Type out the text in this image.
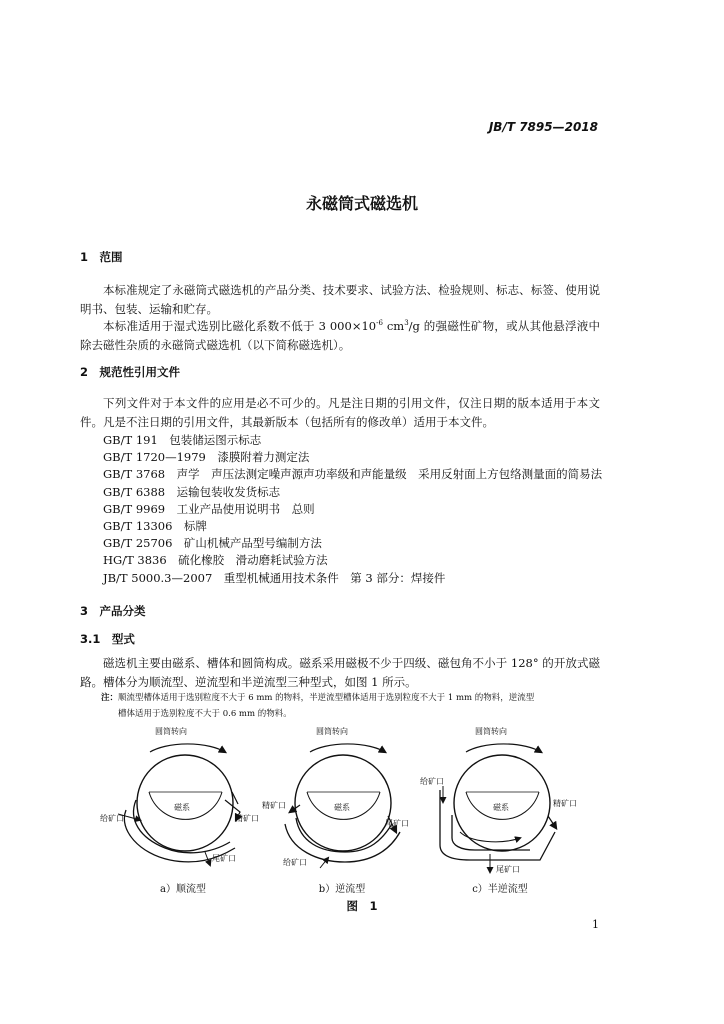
JB/T 7895—2018
永磁筒式磁选机
1　范围
本标准规定了永磁筒式磁选机的产品分类、技术要求、试验方法、检验规则、标志、标签、使用说明书、包装、运输和贮存。
本标准适用于湿式选别比磁化系数不低于 3 $000\times 10^{-6}$ $cm^3/g$ 的强磁性矿物，或从其他悬浮液中除去磁性杂质的永磁筒式磁选机（以下简称磁选机）。
2　规范性引用文件
下列文件对于本文件的应用是必不可少的。凡是注日期的引用文件，仅注日期的版本适用于本文件。凡是不注日期的引用文件，其最新版本（包括所有的修改单）适用于本文件。
GB/T 191　包装储运图示标志
GB/T 1720—1979　漆膜附着力测定法
GB/T 3768　声学　声压法测定噪声源声功率级和声能量级　采用反射面上方包络测量面的简易法
GB/T 6388　运输包装收发货标志
GB/T 9969　工业产品使用说明书　总则
GB/T 13306　标牌
GB/T 25706　矿山机械产品型号编制方法
HG/T 3836　硫化橡胶　滑动磨耗试验方法
JB/T 5000.3—2007　重型机械通用技术条件　第 3 部分：焊接件
3　产品分类
3.1　型式
磁选机主要由磁系、槽体和圆筒构成。磁系采用磁极不少于四级、磁包角不小于 128° 的开放式磁路。槽体分为顺流型、逆流型和半逆流型三种型式，如图 1 所示。
注：顺流型槽体适用于选别粒度不大于 6 mm 的物料，半逆流型槽体适用于选别粒度不大于 1 mm 的物料，逆流型
槽体适用于选别粒度不大于 0.6 mm 的物料。
圆筒转向
磁系
给矿口	精矿口
尾矿口
圆筒转向
磁系
精矿口
尾矿口
给矿口
圆筒转向
磁系
给矿口
精矿口
尾矿口
a）顺流型	b）逆流型	c）半逆流型
图　1
1
